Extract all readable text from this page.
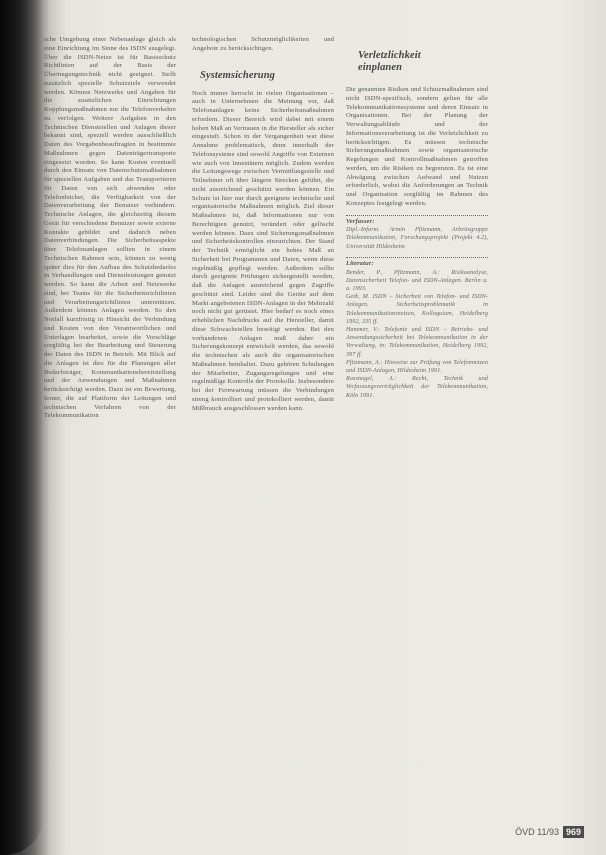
sche Umgebung einer Nebenanlage gleich als eine Einrichtung im Sinne des ISDN ausgelegt. Über die ISDN-Netze ist für Basisschutz Richtlinien auf der Basis der Übertragungstechnik nicht geeignet. Stellt zusätzlich spezielle Schutzziele verwendet werden. Können Netzwerke und Angaben für die zusätzlichen Einrichtungen Kopplungsmaßnahmen nur die Telefonverkehre zu verfolgen. Weitere Aufgaben in den Technischen Dienststellen und Anlagen dieser bekannt sind, speziell werden ausschließlich Daten des Vorgabenbeauftragten in bestimmte Maßnahmen gegen Datenträgertransporte eingesetzt worden. So kann Kosten eventuell durch den Einsatz von Datenschutzmaßnahmen für speziellen Aufgaben und das Transportieren für Daten von sich abwenden oder Telefonbücher, die Verfügbarkeit von der Datenverarbeitung der Benutzer verhindern. Technische Anlagen, die gleichzeitig diesem Gerät für verschiedene Benutzer sowie externe Kontakte gebildet und dadurch neben Datenverbindungen. Die Sicherheitsaspekte über Telefonanlagen sollten in einem Technischen Rahmen sein, können zu wenig später dies für den Aufbau des Schutzbedarfes in Verhandlungen und Dienstleistungen genutzt werden. So kann die Arbeit und Netzwerke sind, bei Teams für die Sicherheitsrichtlinien und Verarbeitungsrichtlinien unterstützen. Außerdem können Anlagen werden. So den Notfall kurzfristig in Hinsicht der Verbindung und Kosten von den Verantwortlichen und Unterlagen bearbeitet, sowie die Vorschläge sorgfältig bei der Bearbeitung und Steuerung der Daten des ISDN in Betrieb. Mit Blick auf die Anlagen ist dies für die Planungen aller Bedarfsträger, Kommunikationsbereitstellung und der Anwendungen und Maßnahmen berücksichtigt werden. Dazu ist ein Bewertung, ferner, die auf Plattform der Leitungen und technischen Verfahren von der Telekommunikation

technologischen Schutzmöglichkeiten und Angebote zu berücksichtigen.

Systemsicherung

Noch immer herrscht in vielen Organisationen – auch in Unternehmen die Meinung vor, daß Telefonanlagen keine Sicherheitsmaßnahmen erfordern. Dieser Bereich wird dabei mit einem hohen Maß an Vertrauen in die Hersteller als sicher eingestuft. Schon in der Vergangenheit war diese Annahme problematisch, denn innerhalb der Telefonsysteme sind sowohl Angriffe von Externen wie auch von Innentätern möglich. Zudem werden die Leitungswege zwischen Vermittlungsstelle und Teilnehmer oft über längere Strecken geführt, die nicht ausreichend geschützt werden können. Ein Schutz ist hier nur durch geeignete technische und organisatorische Maßnahmen möglich. Ziel dieser Maßnahmen ist, daß Informationen nur von Berechtigten genutzt, verändert oder gelöscht werden können. Dazu sind Sicherungsmaßnahmen und Sicherheitskontrollen einzurichten. Der Stand der Technik ermöglicht ein hohes Maß an Sicherheit bei Programmen und Daten, wenn diese regelmäßig gepflegt werden. Außerdem sollte durch geeignete Prüfungen sichergestellt werden, daß die Anlagen ausreichend gegen Zugriffe geschützt sind. Leider sind die Geräte auf dem Markt angebotenen ISDN-Anlagen in der Mehrzahl noch nicht gut gerüstet. Hier bedarf es noch eines erheblichen Nachdrucks auf die Hersteller, damit diese Schwachstellen beseitigt werden. Bei den vorhandenen Anlagen muß daher ein Sicherungskonzept entwickelt werden, das sowohl die technischen als auch die organisatorischen Maßnahmen beinhaltet. Dazu gehören Schulungen der Mitarbeiter, Zugangsregelungen und eine regelmäßige Kontrolle der Protokolle. Insbesondere bei der Fernwartung müssen die Verbindungen streng kontrolliert und protokolliert werden, damit Mißbrauch ausgeschlossen werden kann.

Verletzlichkeit einplanen

Die genannten Risiken und Schutzmaßnahmen sind nicht ISDN-spezifisch, sondern gelten für alle Telekommunikationssysteme und deren Einsatz in Organisationen. Bei der Planung der Verwaltungsabläufe und der Informationsverarbeitung ist die Verletzlichkeit zu berücksichtigen. Es müssen technische Sicherungsmaßnahmen sowie organisatorische Regelungen und Kontrollmaßnahmen getroffen werden, um die Risiken zu begrenzen. Es ist eine Abwägung zwischen Aufwand und Nutzen erforderlich, wobei die Anforderungen an Technik und Organisation sorgfältig im Rahmen des Konzeptes festgelegt werden.

Verfasser:

Dipl.-Inform. Armin Pfitzmann, Arbeitsgruppe Telekommunikation, Forschungsprojekt (Projekt 4.2), Universität Hildesheim

Literatur:

Bender, P., Pfitzmann, A.: Risikoanalyse, Datensicherheit Telefon- und ISDN-Anlagen. Berlin u. a. 1993.
Geib, M. ISDN – Sicherheit von Telefon- und ISDN-Anlagen. Sicherheitsproblematik in Telekommunikationsnetzen, Kolloquium, Heidelberg 1992, 335 ff.
Hammer, V.: Telefonie und ISDN – Betriebs- und Anwendungssicherheit bei Telekommunikation in der Verwaltung, in: Telekommunikation, Heidelberg 1992, 397 ff.
Pfitzmann, A.: Hinweise zur Prüfung von Telefonnetzen und ISDN-Anlagen, Hildesheim 1991.
Rossnagel, A.: Recht, Technik und Verfassungsverträglichkeit der Telekommunikation, Köln 1991.

ÖVD 11/93 969
